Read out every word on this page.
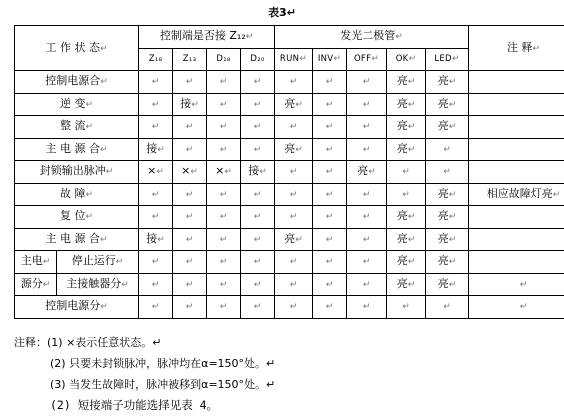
表3↵
工 作 状 态↵		控制端是否接 Z₁₂↵				发光二极管↵					注 释↵
		Z₁₈	Z₁₃	D₁₈	D₂₀	RUN↵	INV↵	OFF↵	OK↵	LED↵	
控制电源合↵		↵	↵	↵	↵	↵	↵	↵	亮↵	亮↵	
逆 变↵		↵	接↵	↵	↵	亮↵	↵	↵	亮↵	亮↵	
整 流↵		↵	↵	↵	↵	↵	↵	↵	亮↵	亮↵	
主 电 源 合↵		接↵	↵	↵	↵	亮↵	↵	↵	亮↵	↵	
封锁输出脉冲↵		×↵	×↵	×↵	接↵	↵	↵	亮↵	↵	↵	
故 障↵		↵	↵	↵	↵	↵	↵	↵	↵	亮↵	相应故障灯亮↵
复 位↵		↵	↵	↵	↵	↵	↵	↵	亮↵	亮↵	
主 电 源 合↵		接↵	↵	↵	↵	亮↵	↵	↵	亮↵	亮↵	
主电↵	停止运行↵	↵	↵	↵	↵	↵	↵	↵	亮↵	亮↵	
源分↵	主接触器分↵	↵	↵	↵	↵	↵	↵	↵	亮↵	亮↵	↵
控制电源分↵		↵	↵	↵	↵	↵	↵	↵	↵	↵	↵
注释：(1) ×表示任意状态。↵
(2) 只要未封锁脉冲，脉冲均在α=150°处。↵
(3) 当发生故障时，脉冲被移到α=150°处。↵
(2) 短接端子功能选择见表 4。
